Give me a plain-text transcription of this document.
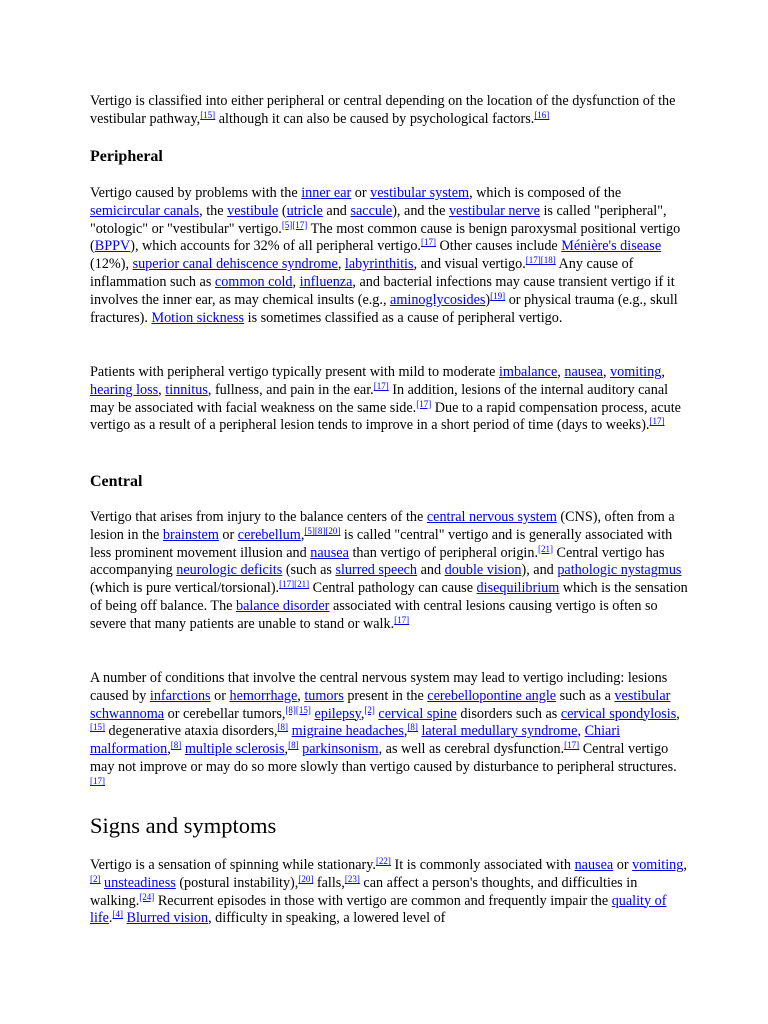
Vertigo is classified into either peripheral or central depending on the location of the dysfunction of the vestibular pathway,[15] although it can also be caused by psychological factors.[16]

Peripheral

Vertigo caused by problems with the inner ear or vestibular system, which is composed of the semicircular canals, the vestibule (utricle and saccule), and the vestibular nerve is called "peripheral", "otologic" or "vestibular" vertigo.[5][17] The most common cause is benign paroxysmal positional vertigo (BPPV), which accounts for 32% of all peripheral vertigo.[17] Other causes include Ménière's disease (12%), superior canal dehiscence syndrome, labyrinthitis, and visual vertigo.[17][18] Any cause of inflammation such as common cold, influenza, and bacterial infections may cause transient vertigo if it involves the inner ear, as may chemical insults (e.g., aminoglycosides)[19] or physical trauma (e.g., skull fractures). Motion sickness is sometimes classified as a cause of peripheral vertigo.

Patients with peripheral vertigo typically present with mild to moderate imbalance, nausea, vomiting, hearing loss, tinnitus, fullness, and pain in the ear.[17] In addition, lesions of the internal auditory canal may be associated with facial weakness on the same side.[17] Due to a rapid compensation process, acute vertigo as a result of a peripheral lesion tends to improve in a short period of time (days to weeks).[17]

Central

Vertigo that arises from injury to the balance centers of the central nervous system (CNS), often from a lesion in the brainstem or cerebellum,[5][8][20] is called "central" vertigo and is generally associated with less prominent movement illusion and nausea than vertigo of peripheral origin.[21] Central vertigo has accompanying neurologic deficits (such as slurred speech and double vision), and pathologic nystagmus (which is pure vertical/torsional).[17][21] Central pathology can cause disequilibrium which is the sensation of being off balance. The balance disorder associated with central lesions causing vertigo is often so severe that many patients are unable to stand or walk.[17]

A number of conditions that involve the central nervous system may lead to vertigo including: lesions caused by infarctions or hemorrhage, tumors present in the cerebellopontine angle such as a vestibular schwannoma or cerebellar tumors,[8][15] epilepsy,[2] cervical spine disorders such as cervical spondylosis,[15] degenerative ataxia disorders,[8] migraine headaches,[8] lateral medullary syndrome, Chiari malformation,[8] multiple sclerosis,[8] parkinsonism, as well as cerebral dysfunction.[17] Central vertigo may not improve or may do so more slowly than vertigo caused by disturbance to peripheral structures.[17]

Signs and symptoms

Vertigo is a sensation of spinning while stationary.[22] It is commonly associated with nausea or vomiting,[2] unsteadiness (postural instability),[20] falls,[23] can affect a person's thoughts, and difficulties in walking.[24] Recurrent episodes in those with vertigo are common and frequently impair the quality of life.[4] Blurred vision, difficulty in speaking, a lowered level of
